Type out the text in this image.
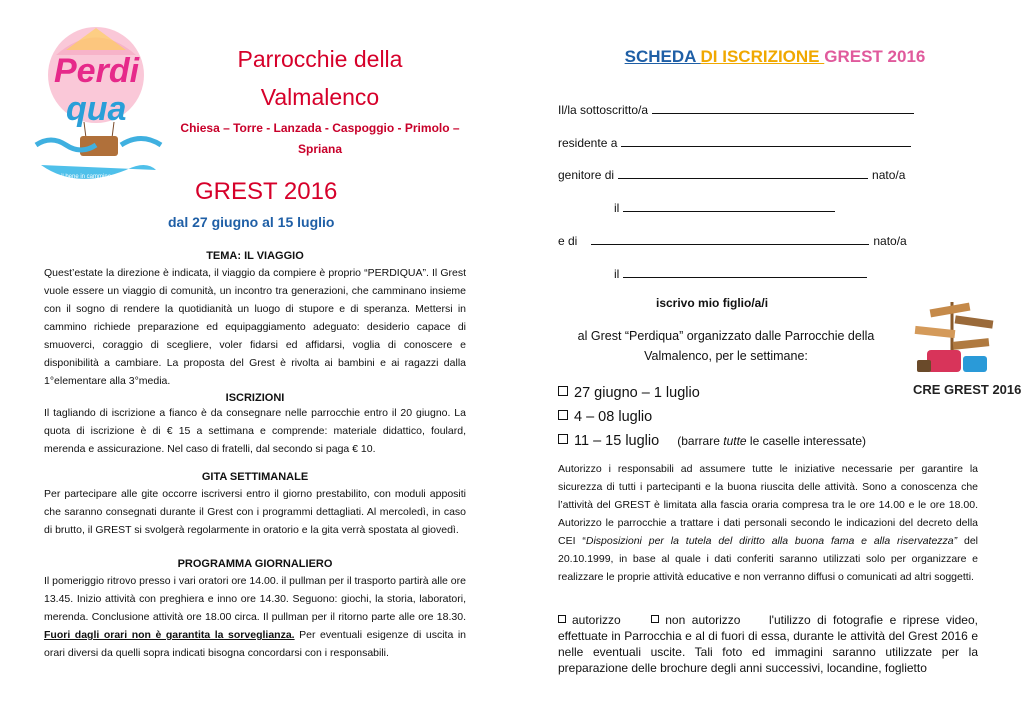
Perdi
qua
il bene in cammino
Parrocchie della
Valmalenco
Chiesa – Torre - Lanzada - Caspoggio - Primolo –
Spriana
GREST 2016
dal 27 giugno al 15 luglio
TEMA: IL VIAGGIO
Quest’estate la direzione è indicata, il viaggio da compiere è proprio “PERDIQUA”. Il Grest vuole essere un viaggio di comunità, un incontro tra generazioni, che camminano insieme con il sogno di rendere la quotidianità un luogo di stupore e di speranza. Mettersi in cammino richiede preparazione ed equipaggiamento adeguato: desiderio capace di smuoverci, coraggio di scegliere, voler fidarsi ed affidarsi, voglia di conoscere e disponibilità a cambiare. La proposta del Grest è rivolta ai bambini e ai ragazzi dalla 1°elementare alla 3°media.
ISCRIZIONI
Il tagliando di iscrizione a fianco è da consegnare nelle parrocchie entro il 20 giugno. La quota di iscrizione è di € 15 a settimana e comprende: materiale didattico, foulard, merenda e assicurazione. Nel caso di fratelli, dal secondo si paga € 10.
GITA SETTIMANALE
Per partecipare alle gite occorre iscriversi entro il giorno prestabilito, con moduli appositi che saranno consegnati durante il Grest con i programmi dettagliati. Al mercoledì, in caso di brutto, il GREST si svolgerà regolarmente in oratorio e la gita verrà spostata al giovedì.
PROGRAMMA GIORNALIERO
Il pomeriggio ritrovo presso i vari oratori ore 14.00. il pullman per il trasporto partirà alle ore 13.45. Inizio attività con preghiera e inno ore 14.30. Seguono: giochi, la storia, laboratori, merenda. Conclusione attività ore 18.00 circa. Il pullman per il ritorno parte alle ore 18.30. Fuori dagli orari non è garantita la sorveglianza. Per eventuali esigenze di uscita in orari diversi da quelli sopra indicati bisogna concordarsi con i responsabili.
SCHEDA DI ISCRIZIONE GREST 2016
Il/la sottoscritto/a
residente a
genitore di	nato/a
il
e di	nato/a
il
iscrivo mio figlio/a/i
al Grest “Perdiqua” organizzato dalle Parrocchie della
Valmalenco, per le settimane:
CRE GREST 2016
27 giugno – 1 luglio
4 – 08 luglio
11 – 15 luglio (barrare tutte le caselle interessate)
Autorizzo i responsabili ad assumere tutte le iniziative necessarie per garantire la sicurezza di tutti i partecipanti e la buona riuscita delle attività. Sono a conoscenza che l’attività del GREST è limitata alla fascia oraria compresa tra le ore 14.00 e le ore 18.00. Autorizzo le parrocchie a trattare i dati personali secondo le indicazioni del decreto della CEI “Disposizioni per la tutela del diritto alla buona fama e alla riservatezza” del 20.10.1999, in base al quale i dati conferiti saranno utilizzati solo per organizzare e realizzare le proprie attività educative e non verranno diffusi o comunicati ad altri soggetti.
autorizzo	non autorizzo l'utilizzo di fotografie e riprese video, effettuate in Parrocchia e al di fuori di essa, durante le attività del Grest 2016 e nelle eventuali uscite. Tali foto ed immagini saranno utilizzate per la preparazione delle brochure degli anni successivi, locandine, foglietto
